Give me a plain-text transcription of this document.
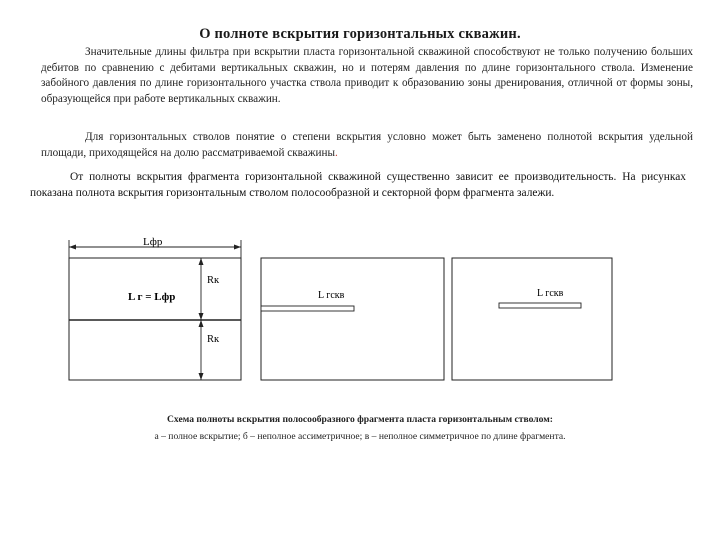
О полноте вскрытия горизонтальных скважин.
Значительные длины фильтра при вскрытии пласта горизонтальной скважиной способствуют не только получению больших дебитов по сравнению с дебитами вертикальных скважин, но и потерям давления по длине горизонтального ствола. Изменение забойного давления по длине горизонтального участка ствола приводит к образованию зоны дренирования, отличной от формы зоны, образующейся при работе вертикальных скважин.
Для горизонтальных стволов понятие о степени вскрытия условно может быть заменено полнотой вскрытия удельной площади, приходящейся на долю рассматриваемой скважины.
От полноты вскрытия фрагмента горизонтальной скважиной существенно зависит ее производительность. На рисунках показана полнота вскрытия горизонтальным стволом полосообразной и секторной форм фрагмента залежи.
Lфр
Rк
Rк
L г = Lфр	L гскв	L гскв
Схема полноты вскрытия полосообразного фрагмента пласта горизонтальным стволом:
а – полное вскрытие; б – неполное ассиметричное; в – неполное симметричное по длине фрагмента.
